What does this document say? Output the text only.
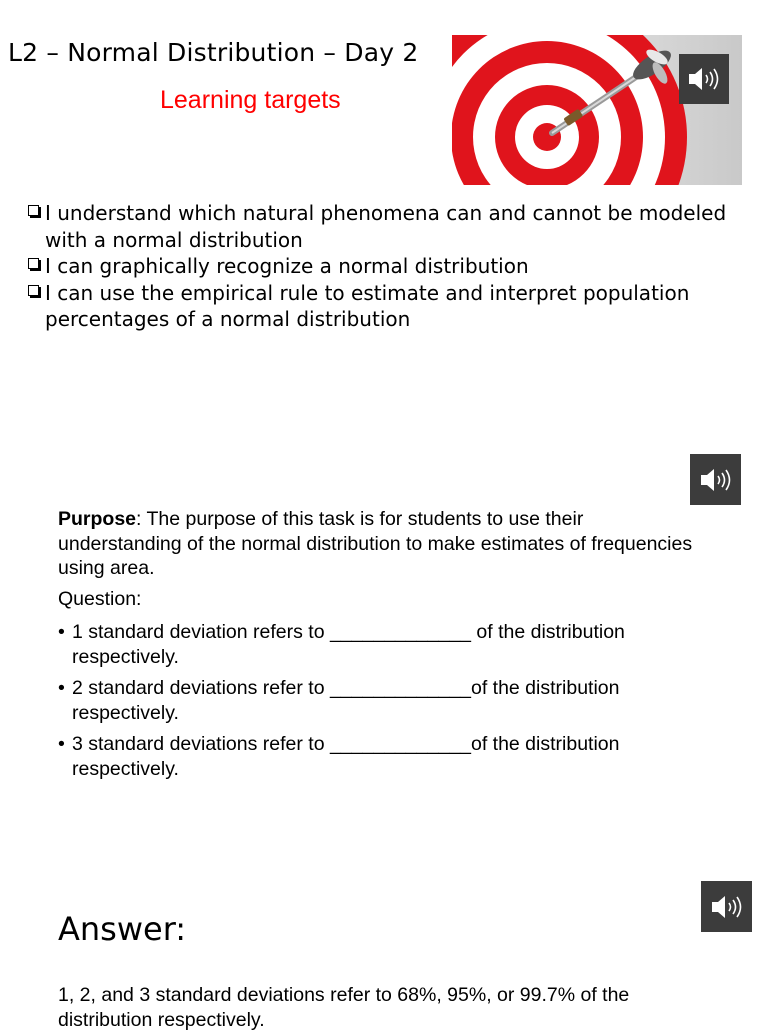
L2 – Normal Distribution – Day 2
Learning targets
I understand which natural phenomena can and cannot be modeled with a normal distribution
I can graphically recognize a normal distribution
I can use the empirical rule to estimate and interpret population percentages of a normal distribution
Purpose: The purpose of this task is for students to use their understanding of the normal distribution to make estimates of frequencies using area.
Question:
• 1 standard deviation refers to _____________ of the distribution respectively.
• 2 standard deviations refer to _____________of the distribution respectively.
• 3 standard deviations refer to _____________of the distribution respectively.
Answer:
1, 2, and 3 standard deviations refer to 68%, 95%, or 99.7% of the distribution respectively.
